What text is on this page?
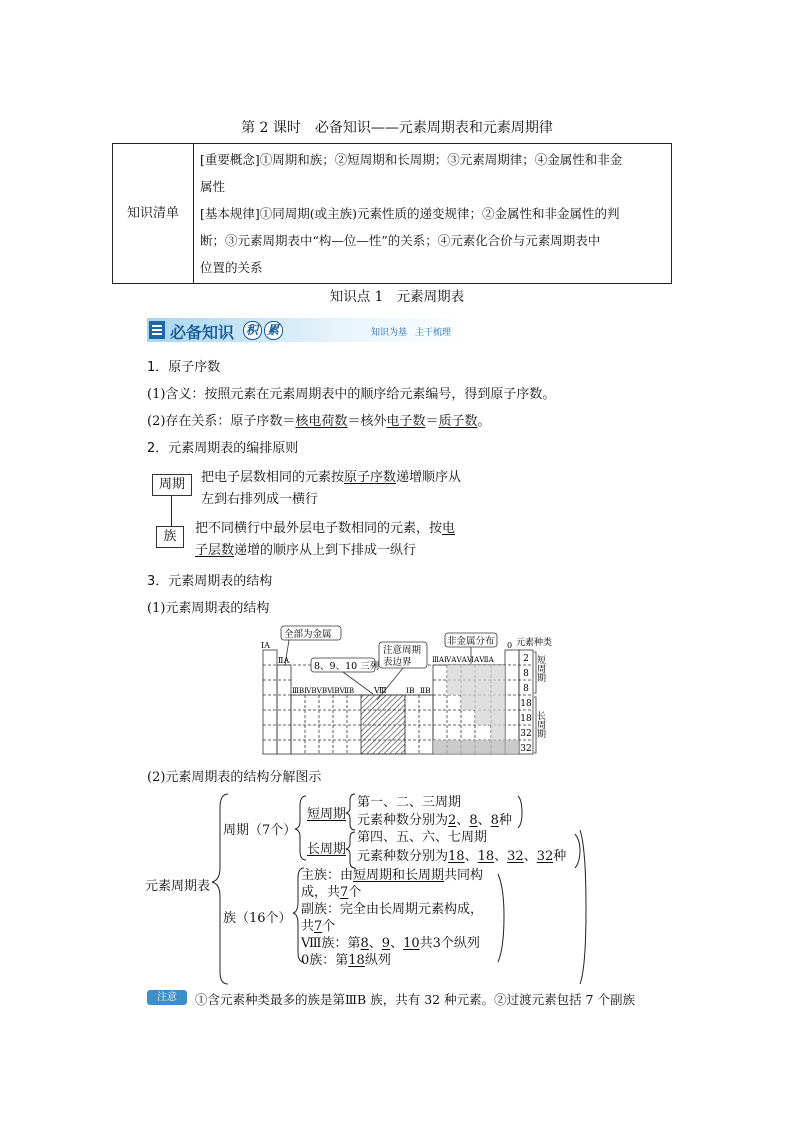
第 2 课时　必备知识——元素周期表和元素周期律
知识清单	
[重要概念]①周期和族；②短周期和长周期；③元素周期律；④金属性和非金
属性
[基本规律]①同周期(或主族)元素性质的递变规律；②金属性和非金属性的判
断；③元素周期表中“构—位—性”的关系；④元素化合价与元素周期表中
位置的关系
知识点 1　元素周期表
必备知识 积 累	知识为基 主干梳理
1．原子序数
(1)含义：按照元素在元素周期表中的顺序给元素编号，得到原子序数。
(2)存在关系：原子序数＝核电荷数＝核外电子数＝质子数。
2．元素周期表的编排原则
周期	把电子层数相同的元素按原子序数递增顺序从
左到右排列成一横行
族
把不同横行中最外层电子数相同的元素，按电
子层数递增的顺序从上到下排成一纵行
3．元素周期表的结构
(1)元素周期表的结构
全部为金属
8、9、10 三列
注意周期
表边界
非金属分布 元素种类
ⅠA
ⅡA	ⅢAⅣAⅤAⅥAⅦA
0
ⅢBⅣBⅤBⅥBⅦB Ⅷ	ⅠB ⅡB
2
8
8
18
18
32
32
短周期
长周期
(2)元素周期表的结构分解图示
元素周期表
周期（7个）
族（16个）
短周期
第一、二、三周期
元素种数分别为2、8、8种
长周期
第四、五、六、七周期
元素种数分别为18、18、32、32种
主族：由短周期和长周期共同构
成，共7个
副族：完全由长周期元素构成，
共7个
Ⅷ族：第8、9、10共3个纵列
0族：第18纵列
注意	①含元素种类最多的族是第ⅢB 族，共有 32 种元素。②过渡元素包括 7 个副族
